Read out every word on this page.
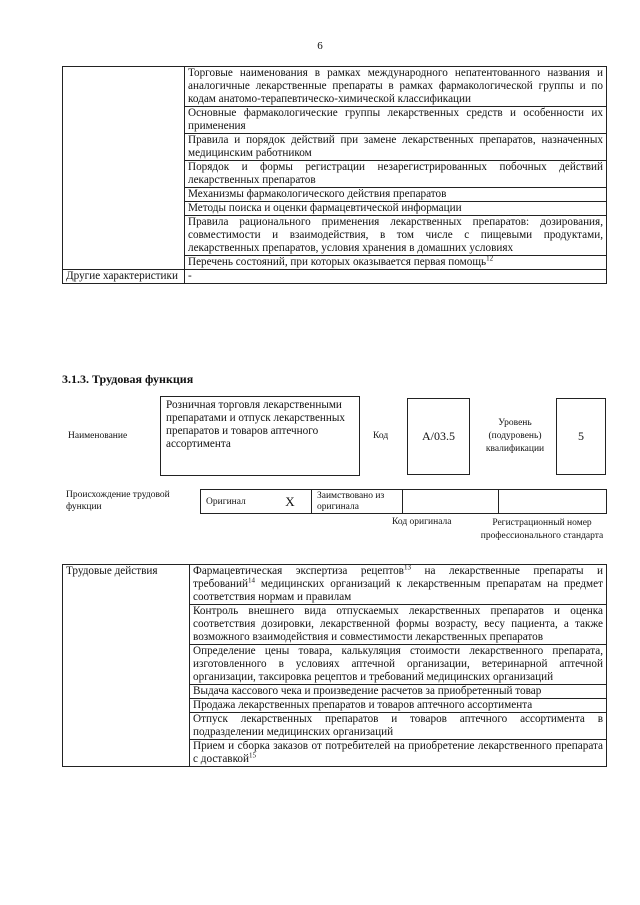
6
	Торговые наименования в рамках международного непатентованного названия и аналогичные лекарственные препараты в рамках фармакологической группы и по кодам анатомо-терапевтическо-химической классификации
	Основные фармакологические группы лекарственных средств и особенности их применения
	Правила и порядок действий при замене лекарственных препаратов, назначенных медицинским работником
	Порядок и формы регистрации незарегистрированных побочных действий лекарственных препаратов
	Механизмы фармакологического действия препаратов
	Методы поиска и оценки фармацевтической информации
	Правила рационального применения лекарственных препаратов: дозирования, совместимости и взаимодействия, в том числе с пищевыми продуктами, лекарственных препаратов, условия хранения в домашних условиях
	Перечень состояний, при которых оказывается первая помощь$^{12}$
Другие характеристики	-
3.1.3. Трудовая функция
Наименование
Розничная торговля лекарственными препаратами и отпуск лекарственных препаратов и товаров аптечного ассортимента
Код	A/03.5
Уровень (подуровень) квалификации
5
Происхождение трудовой функции
Оригинал	X	Заимствовано из оригинала		
Код оригинала	Регистрационный номер профессионального стандарта
Трудовые действия	Фармацевтическая экспертиза рецептов$^{13}$ на лекарственные препараты и требований$^{14}$ медицинских организаций к лекарственным препаратам на предмет соответствия нормам и правилам
Контроль внешнего вида отпускаемых лекарственных препаратов и оценка соответствия дозировки, лекарственной формы возрасту, весу пациента, а также возможного взаимодействия и совместимости лекарственных препаратов
Определение цены товара, калькуляция стоимости лекарственного препарата, изготовленного в условиях аптечной организации, ветеринарной аптечной организации, таксировка рецептов и требований медицинских организаций
Выдача кассового чека и произведение расчетов за приобретенный товар
Продажа лекарственных препаратов и товаров аптечного ассортимента
Отпуск лекарственных препаратов и товаров аптечного ассортимента в подразделении медицинских организаций
Прием и сборка заказов от потребителей на приобретение лекарственного препарата с доставкой$^{15}$
